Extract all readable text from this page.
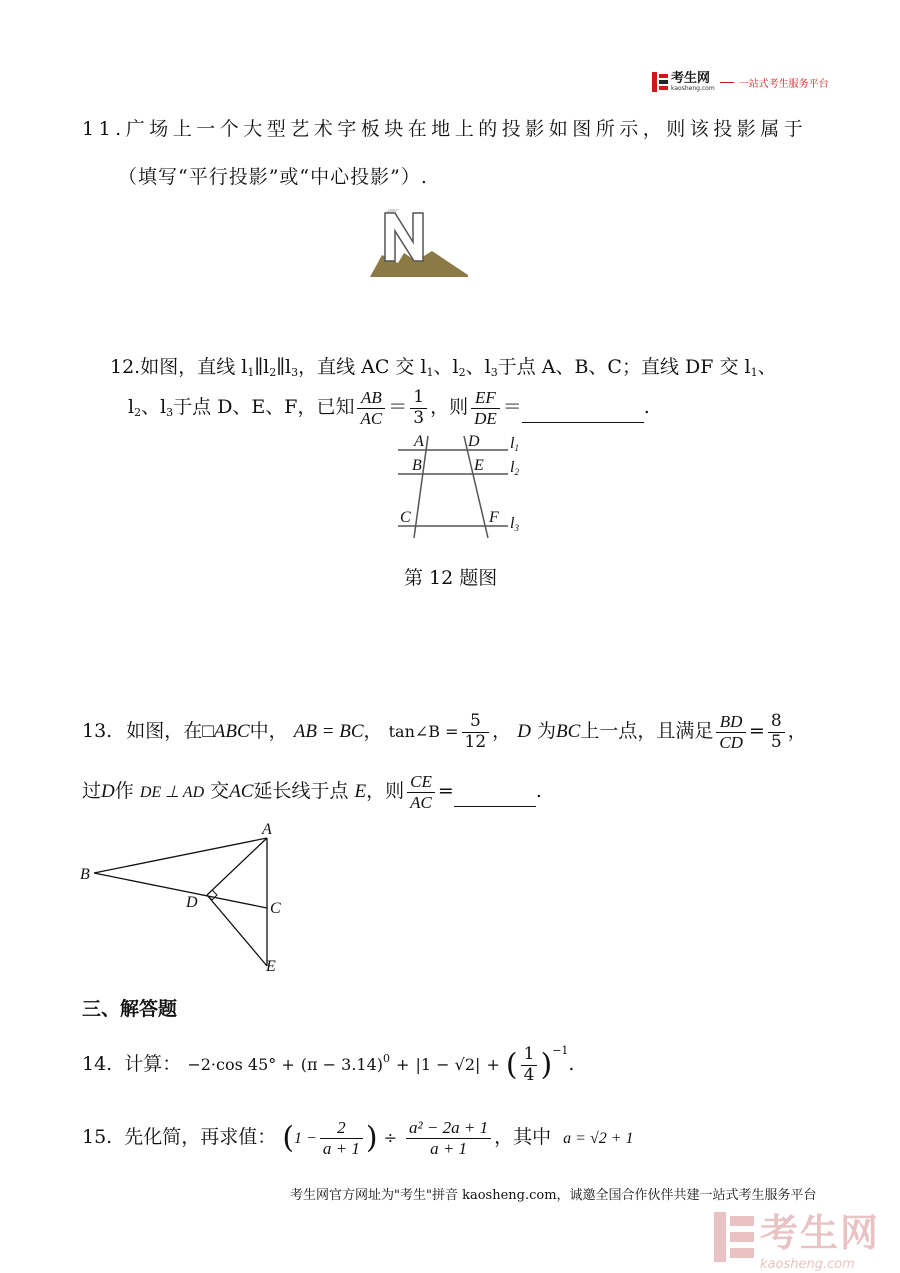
考生网
kaosheng.com 一站式考生服务平台
11.广场上一个大型艺术字板块在地上的投影如图所示，则该投影属于
（填写“平行投影”或“中心投影”）.
12.如图，直线 $l_1\parallel l_2\parallel l_3$，直线 AC 交 $l_1$、$l_2$、$l_3$于点 A、B、C；直线 DF 交 $l_1$、
$l_2$、$l_3$于点 D、E、F，已知 $\frac{AB}{AC} = \frac{1}{3}$ ，则 $\frac{EF}{DE}$ ＝	.
A	D l1
B	E l2
C	F l3
第 12 题图
13. 如图，在□ABC中， AB = BC， tan∠B = $\frac{5}{12}$ ， D 为BC上一点，且满足 $\frac{BD}{CD} = \frac{8}{5}$ ，
过D作 DE ⊥ AD 交AC延长线于点 E，则 $\frac{CE}{AC}$ =	.
A
B
C
D
E
三、解答题
14. 计算： −2·cos $45^\circ + (\pi - 3.14)^0 + |1 - √2|$ + ( $\frac{1}{4} )^{-1}$.
15. 先化简，再求值： ($1 - \frac{2}{a + 1}$ ) ÷ $\frac{\text{a² − 2a + 1}}{a + 1}$ ，其中 a = √2 + 1
考生网官方网址为"考生"拼音 kaosheng.com，诚邀全国合作伙伴共建一站式考生服务平台
考生网
kaosheng.com
